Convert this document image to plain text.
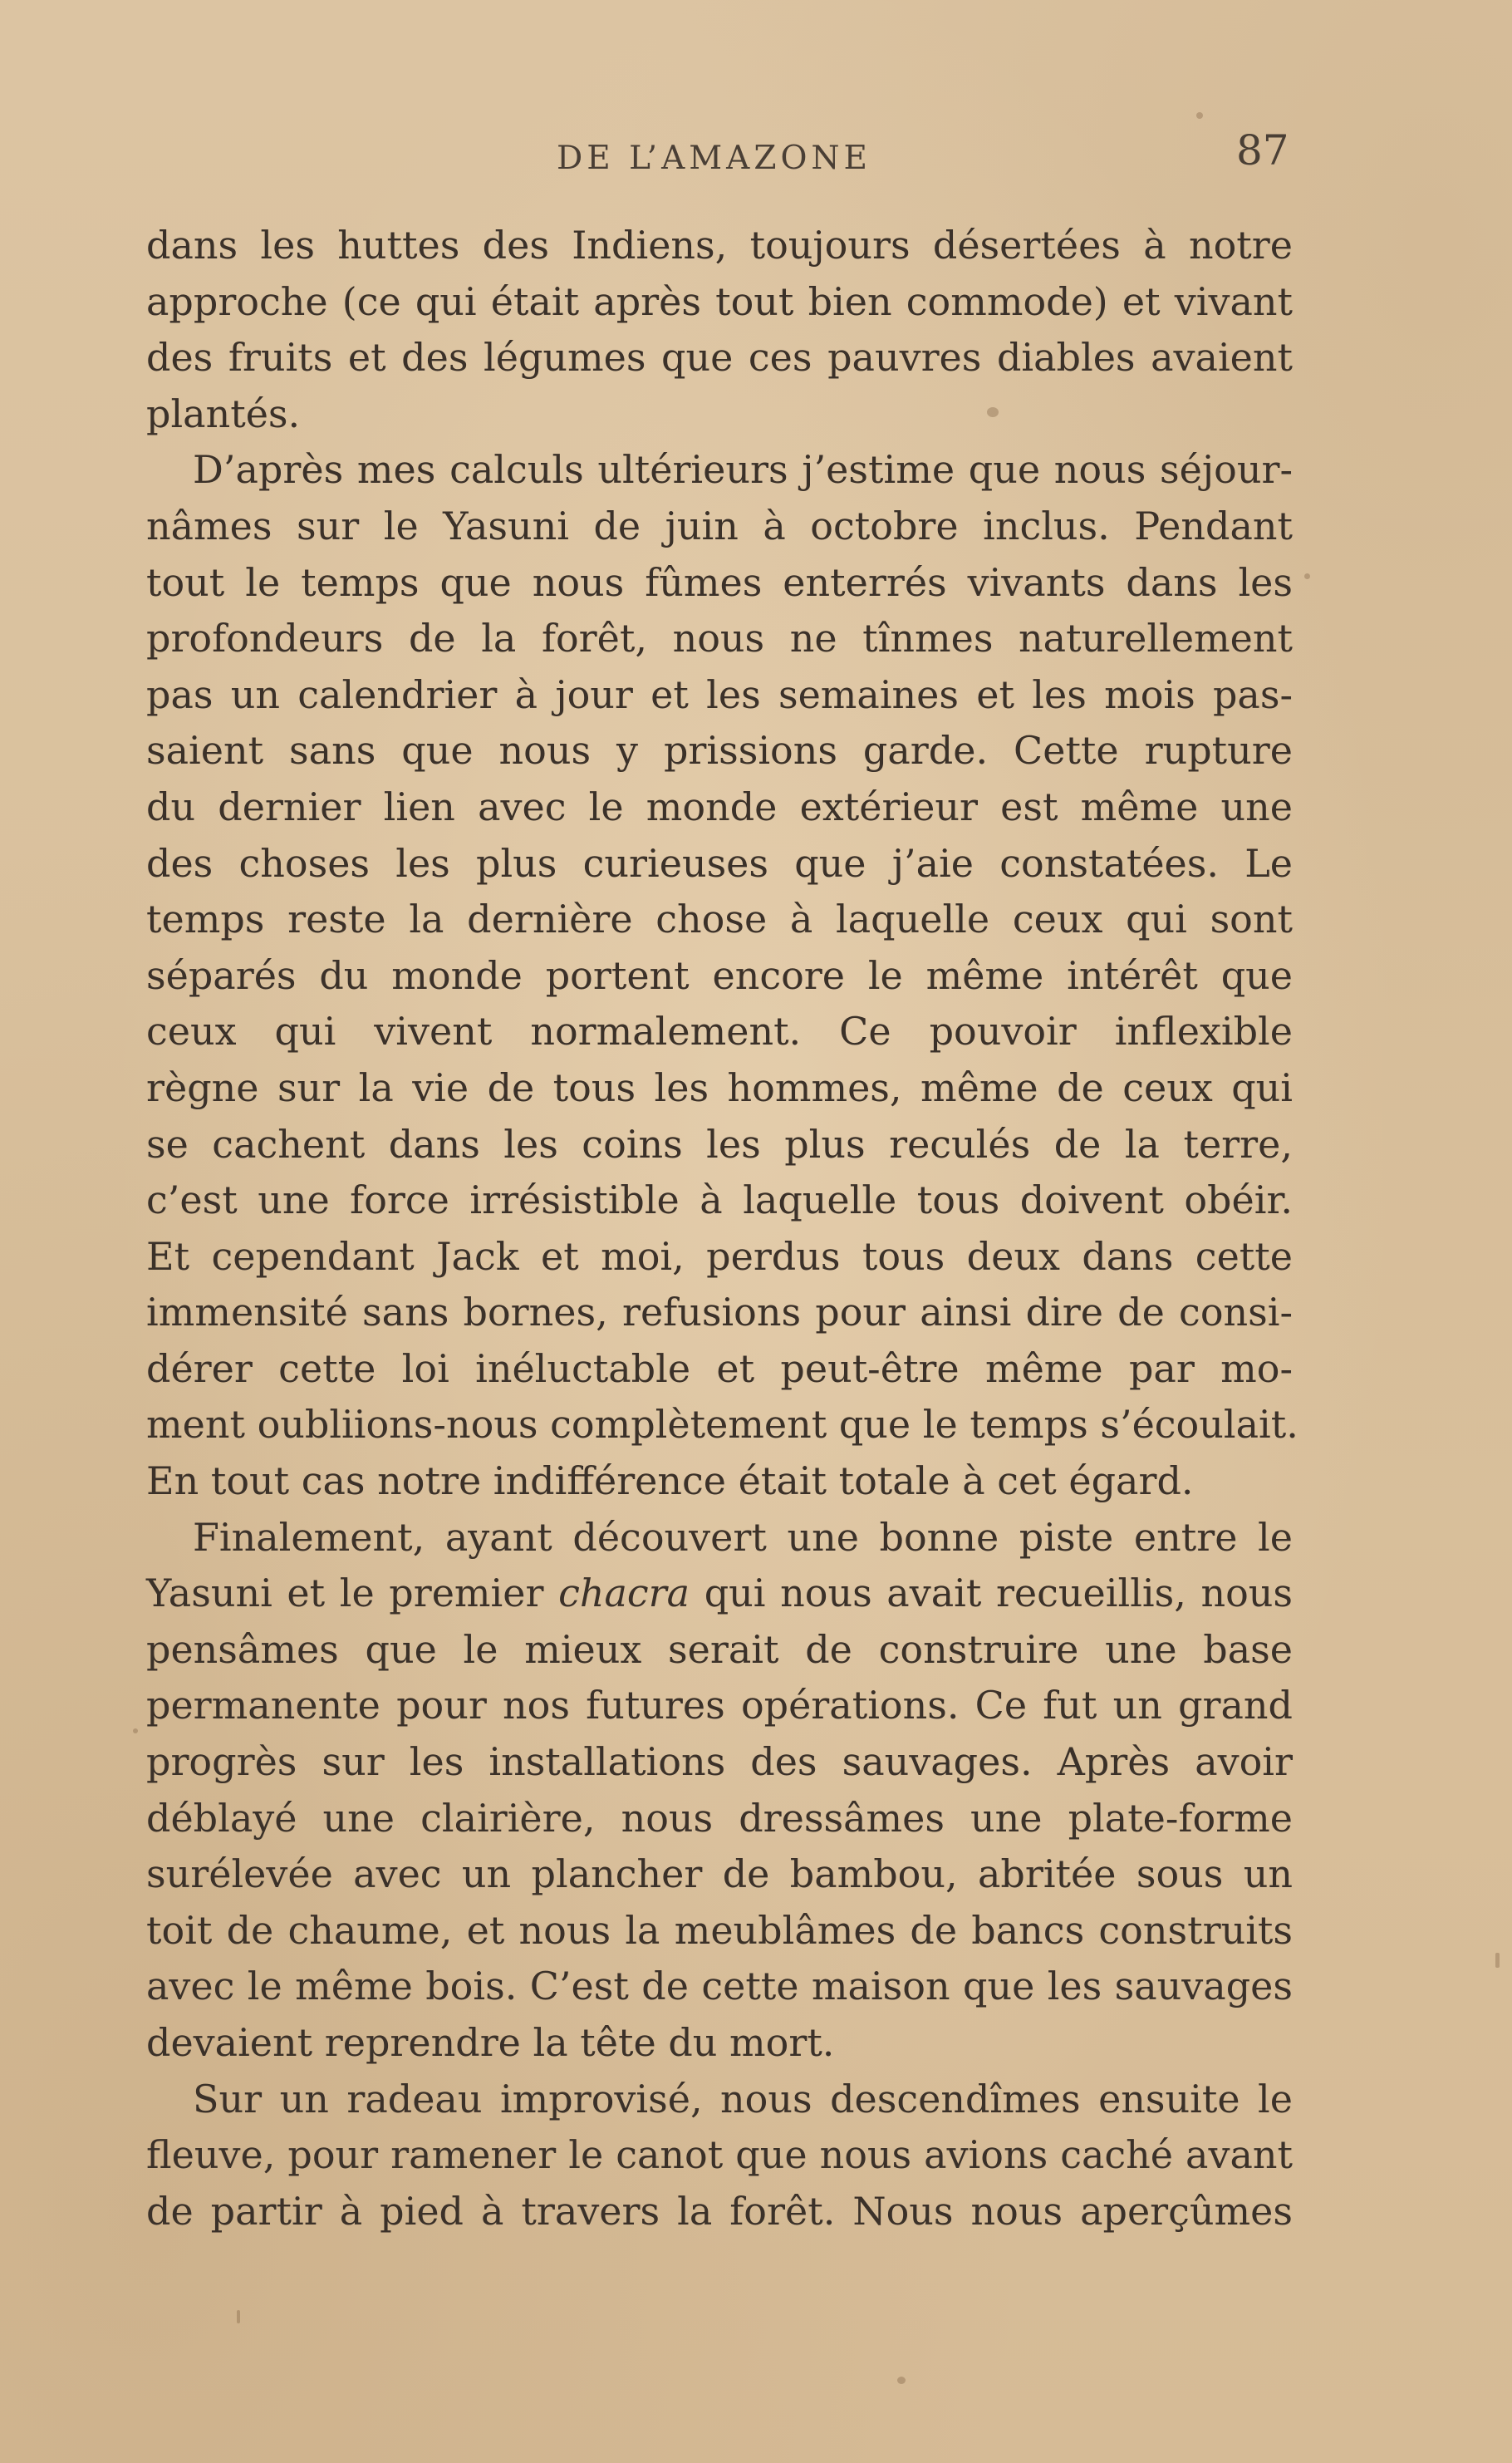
DE L’AMAZONE	87
dans les huttes des Indiens, toujours désertées à notre
approche (ce qui était après tout bien commode) et vivant
des fruits et des légumes que ces pauvres diables avaient
plantés.
D’après mes calculs ultérieurs j’estime que nous séjour-
nâmes sur le Yasuni de juin à octobre inclus. Pendant
tout le temps que nous fûmes enterrés vivants dans les
profondeurs de la forêt, nous ne tînmes naturellement
pas un calendrier à jour et les semaines et les mois pas-
saient sans que nous y prissions garde. Cette rupture
du dernier lien avec le monde extérieur est même une
des choses les plus curieuses que j’aie constatées. Le
temps reste la dernière chose à laquelle ceux qui sont
séparés du monde portent encore le même intérêt que
ceux qui vivent normalement. Ce pouvoir inflexible
règne sur la vie de tous les hommes, même de ceux qui
se cachent dans les coins les plus reculés de la terre,
c’est une force irrésistible à laquelle tous doivent obéir.
Et cependant Jack et moi, perdus tous deux dans cette
immensité sans bornes, refusions pour ainsi dire de consi-
dérer cette loi inéluctable et peut-être même par mo-
ment oubliions-nous complètement que le temps s’écoulait.
En tout cas notre indifférence était totale à cet égard.
Finalement, ayant découvert une bonne piste entre le
Yasuni et le premier chacra qui nous avait recueillis, nous
pensâmes que le mieux serait de construire une base
permanente pour nos futures opérations. Ce fut un grand
progrès sur les installations des sauvages. Après avoir
déblayé une clairière, nous dressâmes une plate-forme
surélevée avec un plancher de bambou, abritée sous un
toit de chaume, et nous la meublâmes de bancs construits
avec le même bois. C’est de cette maison que les sauvages
devaient reprendre la tête du mort.
Sur un radeau improvisé, nous descendîmes ensuite le
fleuve, pour ramener le canot que nous avions caché avant
de partir à pied à travers la forêt. Nous nous aperçûmes
